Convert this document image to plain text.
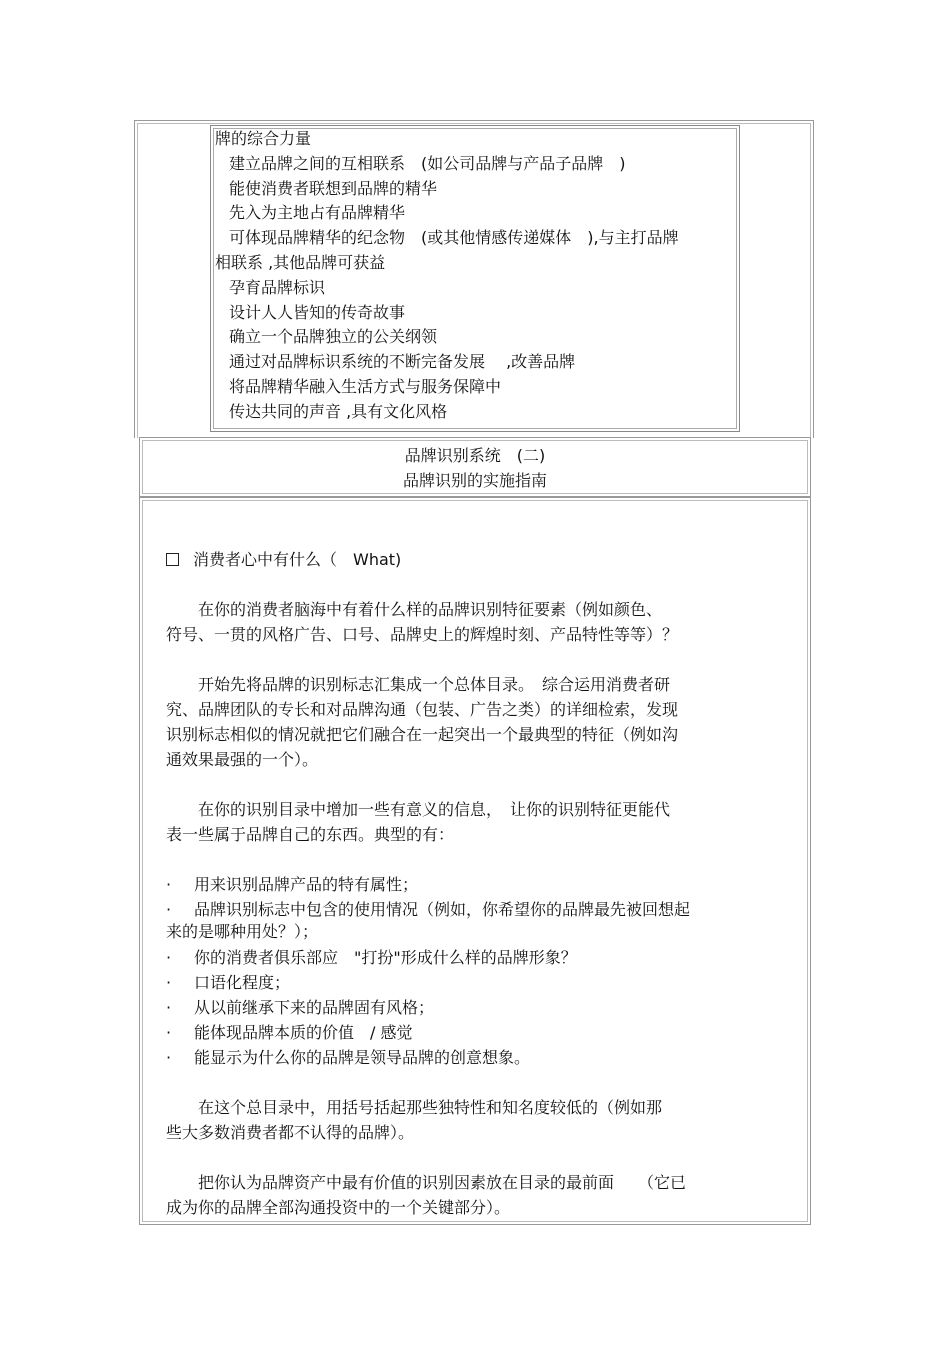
牌的综合力量
建立品牌之间的互相联系　(如公司品牌与产品子品牌　)
能使消费者联想到品牌的精华
先入为主地占有品牌精华
可体现品牌精华的纪念物　(或其他情感传递媒体　),与主打品牌
相联系 ,其他品牌可获益
孕育品牌标识
设计人人皆知的传奇故事
确立一个品牌独立的公关纲领
通过对品牌标识系统的不断完备发展　 ,改善品牌
将品牌精华融入生活方式与服务保障中
传达共同的声音 ,具有文化风格
品牌识别系统　(二)
品牌识别的实施指南
消费者心中有什么（　What)
　　在你的消费者脑海中有着什么样的品牌识别特征要素（例如颜色、
符号、一贯的风格广告、口号、品牌史上的辉煌时刻、产品特性等等）？
　　开始先将品牌的识别标志汇集成一个总体目录。　综合运用消费者研
究、品牌团队的专长和对品牌沟通（包装、广告之类）的详细检索，发现
识别标志相似的情况就把它们融合在一起突出一个最典型的特征（例如沟
通效果最强的一个）。
　　在你的识别目录中增加一些有意义的信息，　让你的识别特征更能代
表一些属于品牌自己的东西。典型的有：
· 用来识别品牌产品的特有属性；
· 品牌识别标志中包含的使用情况（例如，你希望你的品牌最先被回想起
来的是哪种用处？）；
· 你的消费者俱乐部应　"打扮"形成什么样的品牌形象？
· 口语化程度；
· 从以前继承下来的品牌固有风格；
· 能体现品牌本质的价值　/ 感觉
· 能显示为什么你的品牌是领导品牌的创意想象。
　　在这个总目录中，用括号括起那些独特性和知名度较低的（例如那
些大多数消费者都不认得的品牌）。
　　把你认为品牌资产中最有价值的识别因素放在目录的最前面　　（它已
成为你的品牌全部沟通投资中的一个关键部分）。
